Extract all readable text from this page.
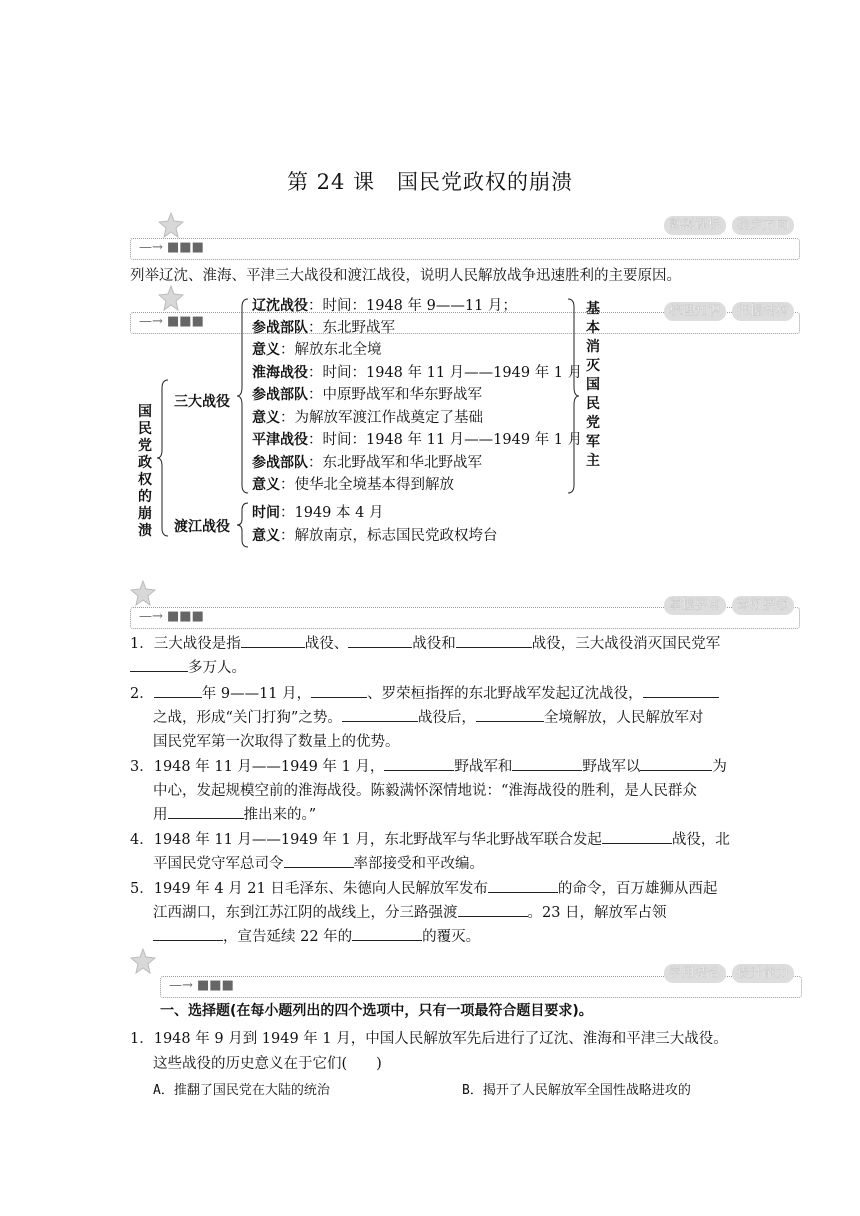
第 24 课　国民党政权的崩溃
—→ ■■■
熟悉课标	确定方向
列举辽沈、淮海、平津三大战役和渡江战役，说明人民解放战争迅速胜利的主要原因。
—→ ■■■
梳理知识	把握结构
国民党政权的崩溃
三大战役
渡江战役
辽沈战役：时间：1948 年 9——11 月；
参战部队：东北野战军
意义：解放东北全境
淮海战役：时间：1948 年 11 月——1949 年 1 月
参战部队：中原野战军和华东野战军
意义：为解放军渡江作战奠定了基础
平津战役：时间：1948 年 11 月——1949 年 1 月
参战部队：东北野战军和华北野战军
意义：使华北全境基本得到解放
时间：1949 本 4 月
意义：解放南京，标志国民党政权垮台
基本消灭国民党军主
—→ ■■■
掌握要点	驾驭要领
1．三大战役是指	战役、	战役和	战役，三大战役消灭国民党军
多万人。
2．	年 9——11 月，	、罗荣桓指挥的东北野战军发起辽沈战役，
之战，形成“关门打狗”之势。	战役后，	全境解放，人民解放军对
国民党军第一次取得了数量上的优势。
3．1948 年 11 月——1949 年 1 月，	野战军和	野战军以	为
中心，发起规模空前的淮海战役。陈毅满怀深情地说：“淮海战役的胜利，是人民群众
用	推出来的。”
4．1948 年 11 月——1949 年 1 月，东北野战军与华北野战军联合发起	战役，北
平国民党守军总司令	率部接受和平改编。
5．1949 年 4 月 21 日毛泽东、朱德向人民解放军发布	的命令，百万雄狮从西起
江西湖口，东到江苏江阴的战线上，分三路强渡	。23 日，解放军占领
，宣告延续 22 年的	的覆灭。
—→ ■■■
学用结合	提升能力
一、选择题(在每小题列出的四个选项中，只有一项最符合题目要求)。
1．1948 年 9 月到 1949 年 1 月，中国人民解放军先后进行了辽沈、淮海和平津三大战役。
这些战役的历史意义在于它们(　　)
A．推翻了国民党在大陆的统治	B．揭开了人民解放军全国性战略进攻的
